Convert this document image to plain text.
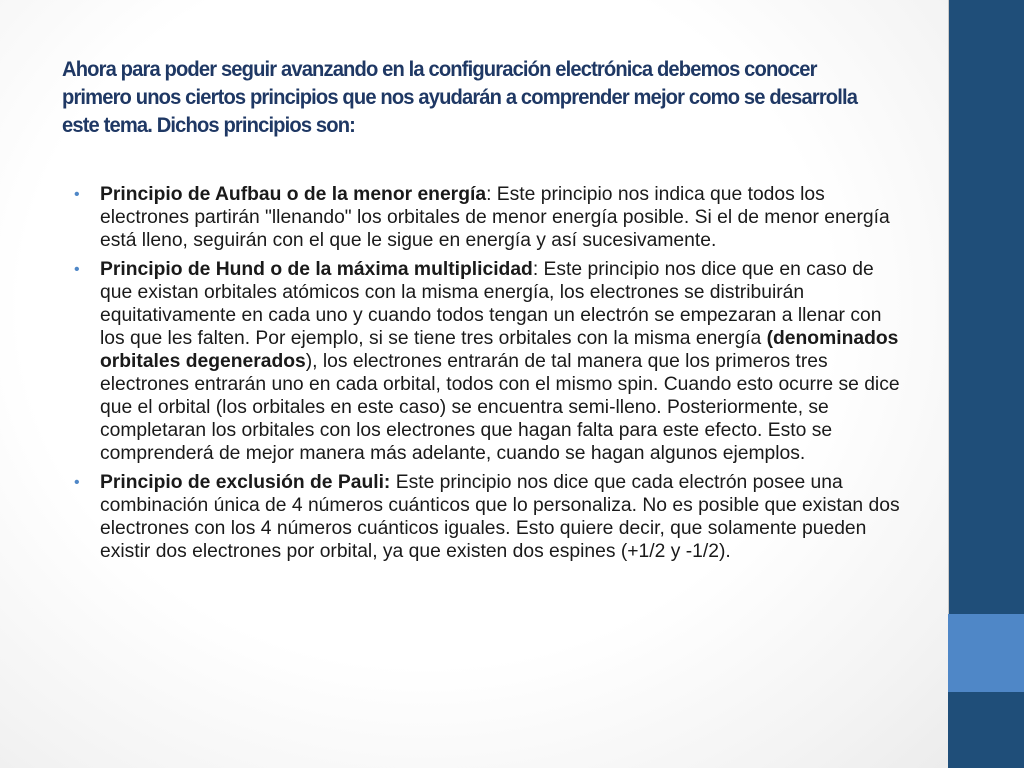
Ahora para poder seguir avanzando en la configuración electrónica debemos conocer primero unos ciertos principios que nos ayudarán a comprender mejor como se desarrolla este tema. Dichos principios son:
•	Principio de Aufbau o de la menor energía: Este principio nos indica que todos los electrones partirán "llenando" los orbitales de menor energía posible. Si el de menor energía está lleno, seguirán con el que le sigue en energía y así sucesivamente.
•	Principio de Hund o de la máxima multiplicidad: Este principio nos dice que en caso de que existan orbitales atómicos con la misma energía, los electrones se distribuirán equitativamente en cada uno y cuando todos tengan un electrón se empezaran a llenar con los que les falten. Por ejemplo, si se tiene tres orbitales con la misma energía (denominados orbitales degenerados), los electrones entrarán de tal manera que los primeros tres electrones entrarán uno en cada orbital, todos con el mismo spin. Cuando esto ocurre se dice que el orbital (los orbitales en este caso) se encuentra semi-lleno. Posteriormente, se completaran los orbitales con los electrones que hagan falta para este efecto. Esto se comprenderá de mejor manera más adelante, cuando se hagan algunos ejemplos.
•	Principio de exclusión de Pauli: Este principio nos dice que cada electrón posee una combinación única de 4 números cuánticos que lo personaliza. No es posible que existan dos electrones con los 4 números cuánticos iguales. Esto quiere decir, que solamente pueden existir dos electrones por orbital, ya que existen dos espines (+1/2 y -1/2).
